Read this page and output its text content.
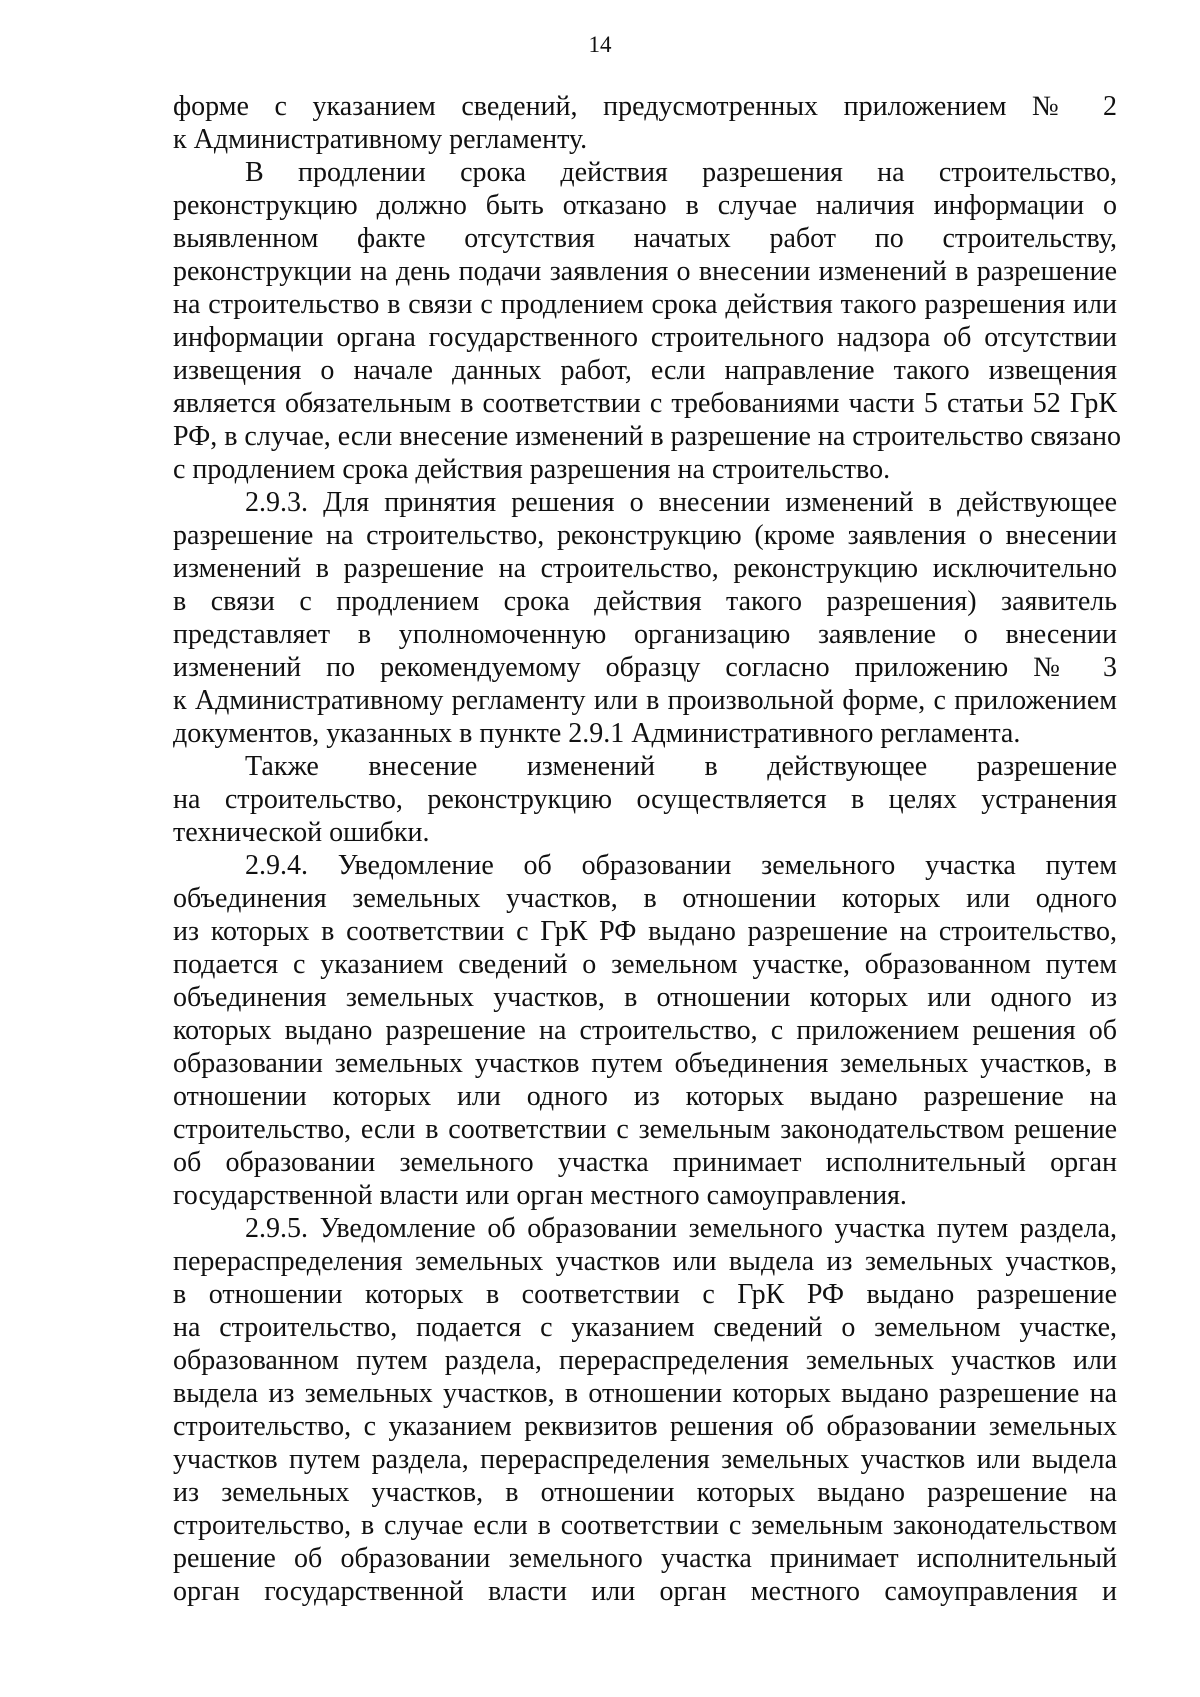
14
форме с указанием сведений, предусмотренных приложением № 2
к Административному регламенту.
В продлении срока действия разрешения на строительство,
реконструкцию должно быть отказано в случае наличия информации о
выявленном факте отсутствия начатых работ по строительству,
реконструкции на день подачи заявления о внесении изменений в разрешение
на строительство в связи с продлением срока действия такого разрешения или
информации органа государственного строительного надзора об отсутствии
извещения о начале данных работ, если направление такого извещения
является обязательным в соответствии с требованиями части 5 статьи 52 ГрК
РФ, в случае, если внесение изменений в разрешение на строительство связано
с продлением срока действия разрешения на строительство.
2.9.3. Для принятия решения о внесении изменений в действующее
разрешение на строительство, реконструкцию (кроме заявления о внесении
изменений в разрешение на строительство, реконструкцию исключительно
в связи с продлением срока действия такого разрешения) заявитель
представляет в уполномоченную организацию заявление о внесении
изменений по рекомендуемому образцу согласно приложению № 3
к Административному регламенту или в произвольной форме, с приложением
документов, указанных в пункте 2.9.1 Административного регламента.
Также внесение изменений в действующее разрешение
на строительство, реконструкцию осуществляется в целях устранения
технической ошибки.
2.9.4. Уведомление об образовании земельного участка путем
объединения земельных участков, в отношении которых или одного
из которых в соответствии с ГрК РФ выдано разрешение на строительство,
подается с указанием сведений о земельном участке, образованном путем
объединения земельных участков, в отношении которых или одного из
которых выдано разрешение на строительство, с приложением решения об
образовании земельных участков путем объединения земельных участков, в
отношении которых или одного из которых выдано разрешение на
строительство, если в соответствии с земельным законодательством решение
об образовании земельного участка принимает исполнительный орган
государственной власти или орган местного самоуправления.
2.9.5. Уведомление об образовании земельного участка путем раздела,
перераспределения земельных участков или выдела из земельных участков,
в отношении которых в соответствии с ГрК РФ выдано разрешение
на строительство, подается с указанием сведений о земельном участке,
образованном путем раздела, перераспределения земельных участков или
выдела из земельных участков, в отношении которых выдано разрешение на
строительство, с указанием реквизитов решения об образовании земельных
участков путем раздела, перераспределения земельных участков или выдела
из земельных участков, в отношении которых выдано разрешение на
строительство, в случае если в соответствии с земельным законодательством
решение об образовании земельного участка принимает исполнительный
орган государственной власти или орган местного самоуправления и
